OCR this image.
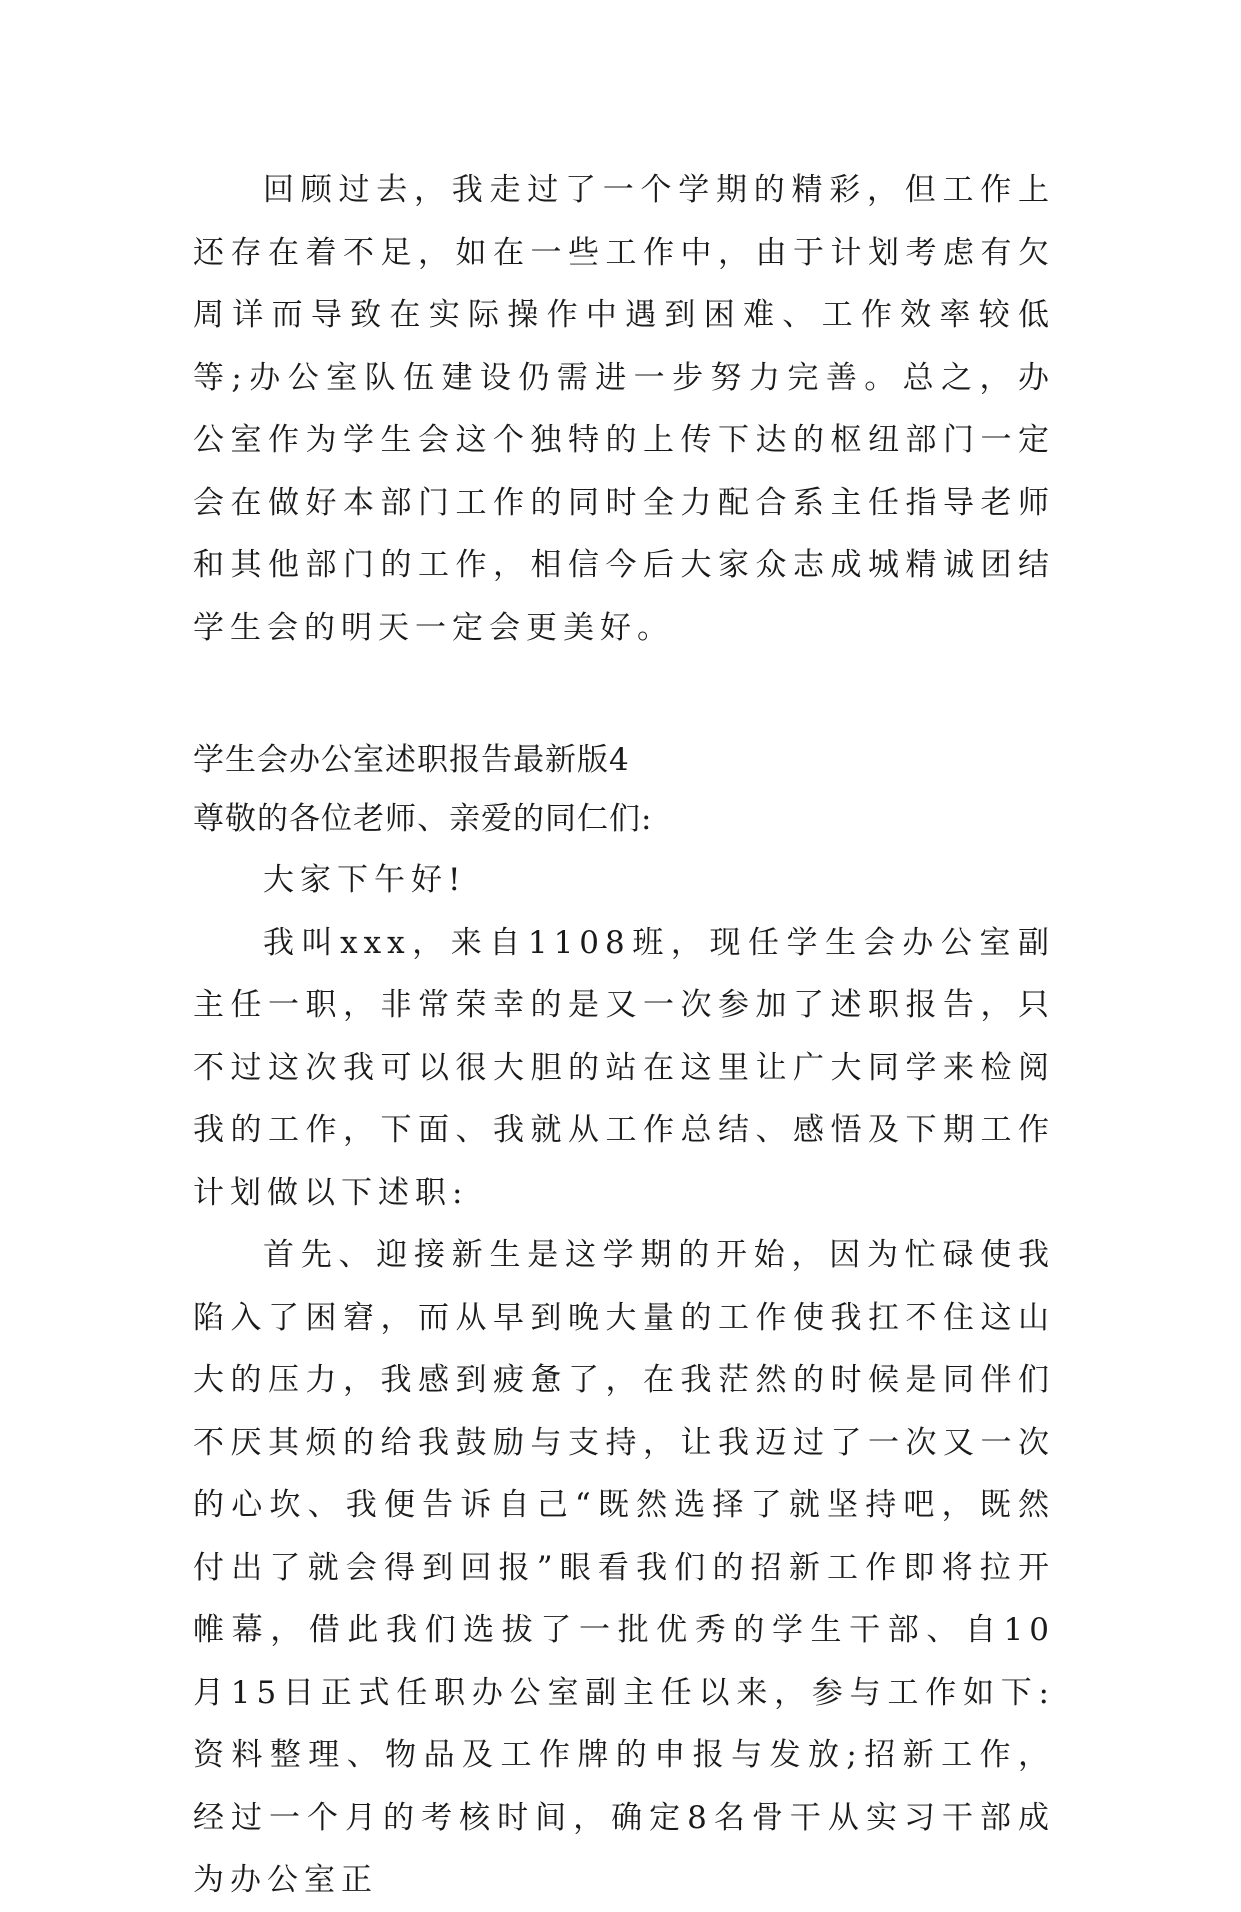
回顾过去，我走过了一个学期的精彩，但工作上还存在着不足，如在一些工作中，由于计划考虑有欠周详而导致在实际操作中遇到困难、工作效率较低等;办公室队伍建设仍需进一步努力完善。总之，办公室作为学生会这个独特的上传下达的枢纽部门一定会在做好本部门工作的同时全力配合系主任指导老师和其他部门的工作，相信今后大家众志成城精诚团结学生会的明天一定会更美好。

学生会办公室述职报告最新版4

尊敬的各位老师、亲爱的同仁们:

大家下午好!

我叫xxx，来自1108班，现任学生会办公室副主任一职，非常荣幸的是又一次参加了述职报告，只不过这次我可以很大胆的站在这里让广大同学来检阅我的工作，下面、我就从工作总结、感悟及下期工作计划做以下述职:

首先、迎接新生是这学期的开始，因为忙碌使我陷入了困窘，而从早到晚大量的工作使我扛不住这山大的压力，我感到疲惫了，在我茫然的时候是同伴们不厌其烦的给我鼓励与支持，让我迈过了一次又一次的心坎、我便告诉自己“既然选择了就坚持吧，既然付出了就会得到回报”眼看我们的招新工作即将拉开帷幕，借此我们选拔了一批优秀的学生干部、自10月15日正式任职办公室副主任以来，参与工作如下:资料整理、物品及工作牌的申报与发放;招新工作，经过一个月的考核时间，确定8名骨干从实习干部成为办公室正
